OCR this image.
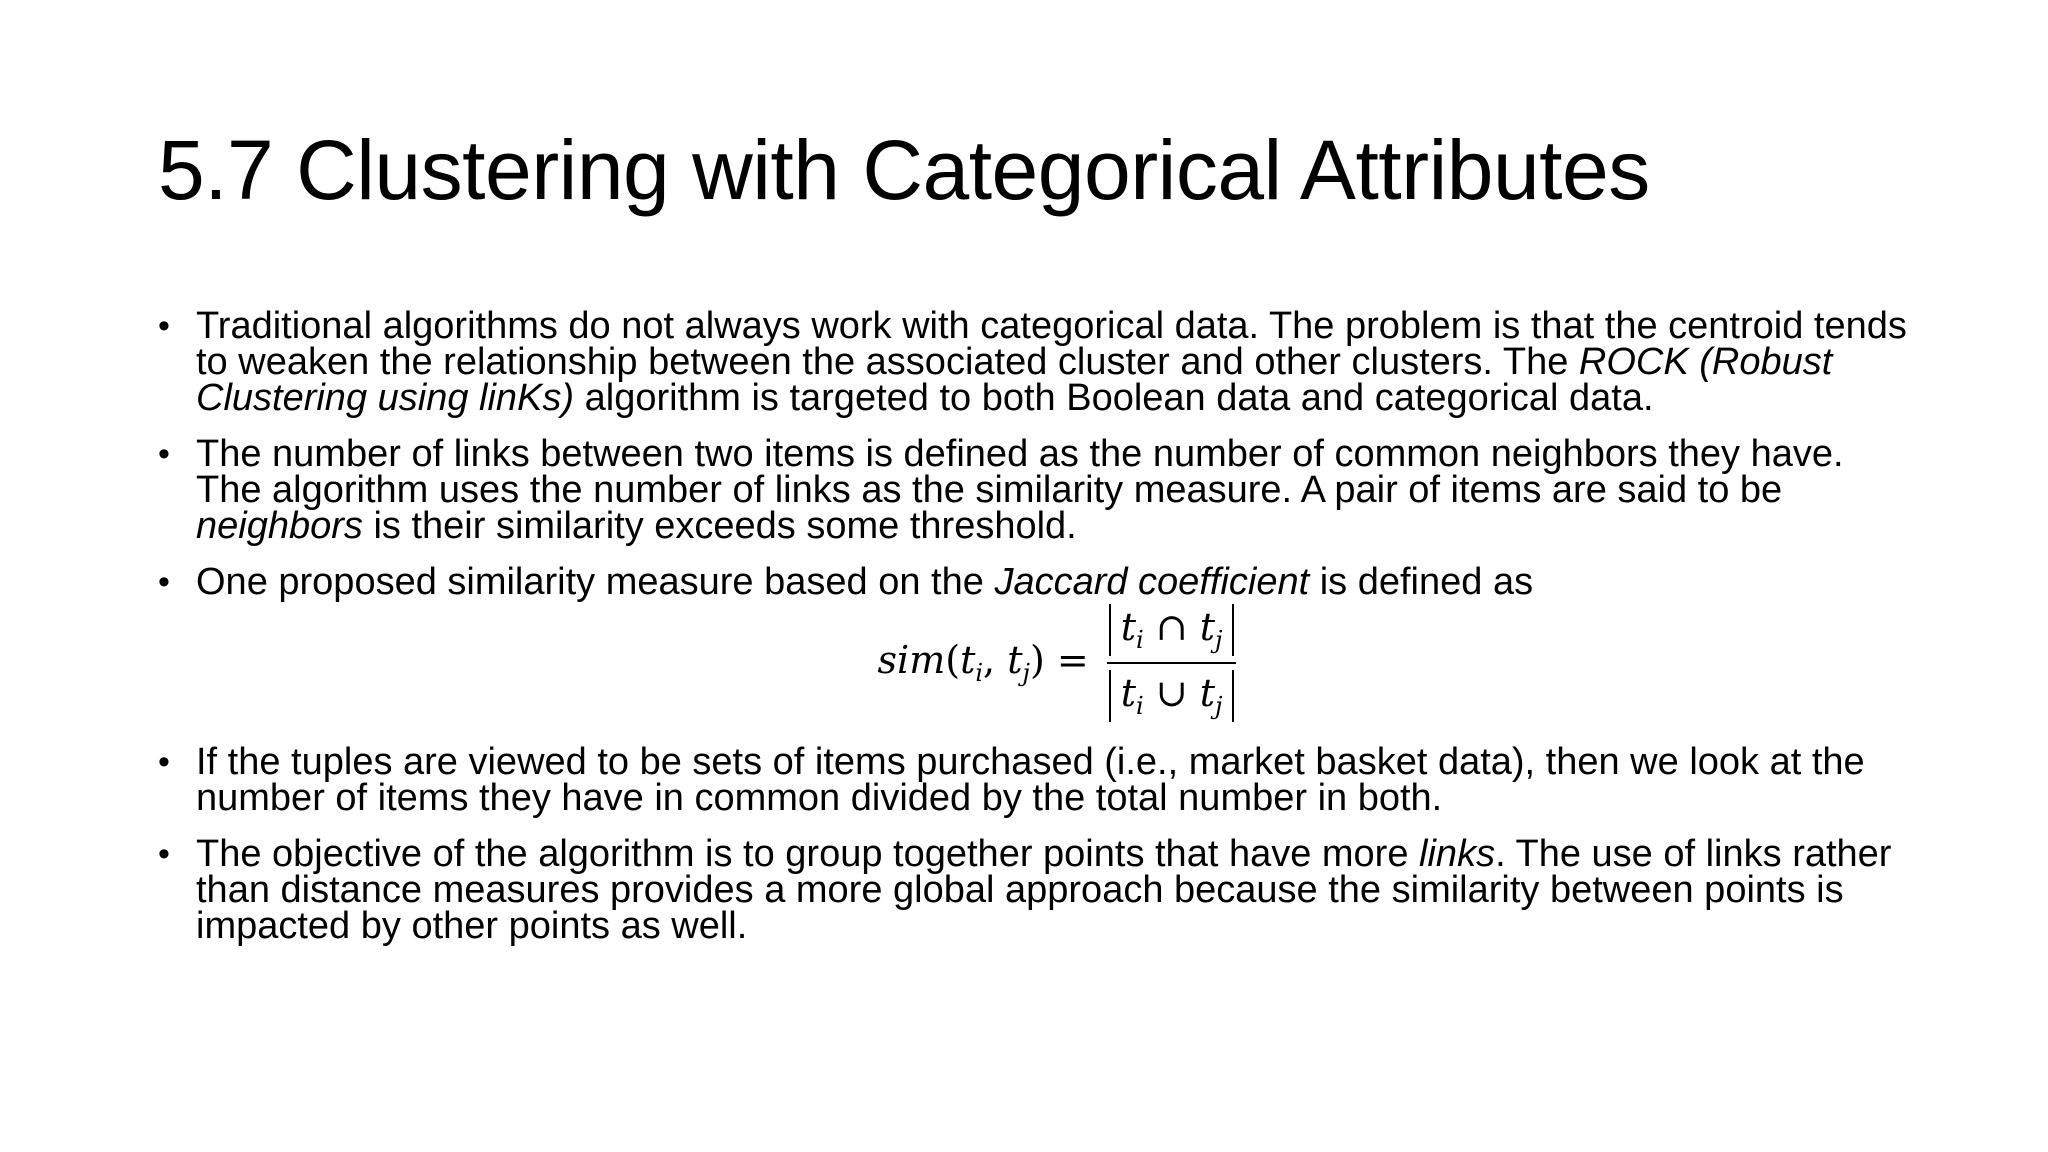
5.7 Clustering with Categorical Attributes
• Traditional algorithms do not always work with categorical data. The problem is that the centroid tends to weaken the relationship between the associated cluster and other clusters. The ROCK (Robust Clustering using linKs) algorithm is targeted to both Boolean data and categorical data.
• The number of links between two items is defined as the number of common neighbors they have. The algorithm uses the number of links as the similarity measure. A pair of items are said to be neighbors is their similarity exceeds some threshold.
• One proposed similarity measure based on the Jaccard coefficient is defined as
$sim(t_i$, $t_j) = \frac{t_i \cap t_j}{t_i \cup t_j}$
• If the tuples are viewed to be sets of items purchased (i.e., market basket data), then we look at the number of items they have in common divided by the total number in both.
• The objective of the algorithm is to group together points that have more links. The use of links rather than distance measures provides a more global approach because the similarity between points is impacted by other points as well.
